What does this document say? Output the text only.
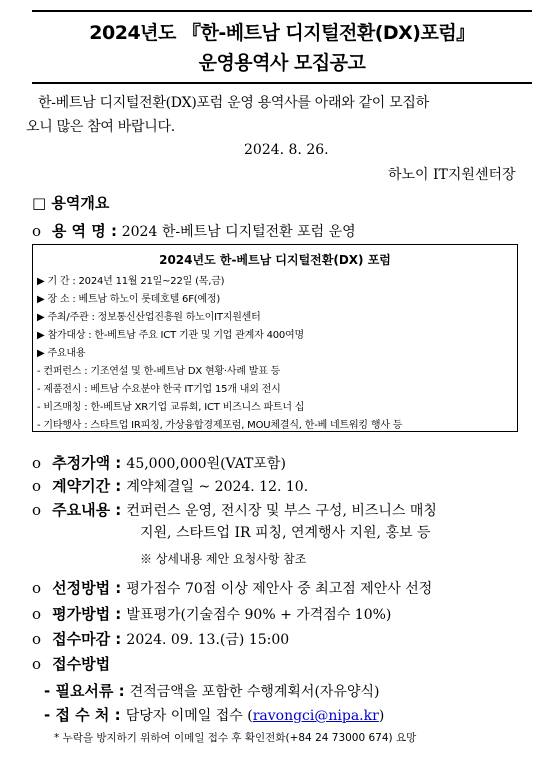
2024년도 『한-베트남 디지털전환(DX)포럼』
운영용역사 모집공고
한-베트남 디지털전환(DX)포럼 운영 용역사를 아래와 같이 모집하
오니 많은 참여 바랍니다.
2024. 8. 26.
하노이 IT지원센터장
□ 용역개요
ο 용 역 명 : 2024 한-베트남 디지털전환 포럼 운영
2024년도 한-베트남 디지털전환(DX) 포럼
▶ 기 간 : 2024년 11월 21일~22일 (목,금)
▶ 장 소 : 베트남 하노이 롯데호텔 6F(예정)
▶ 주최/주관 : 정보통신산업진흥원 하노이IT지원센터
▶ 참가대상 : 한-베트남 주요 ICT 기관 및 기업 관계자 400여명
▶ 주요내용
- 컨퍼런스 : 기조연설 및 한-베트남 DX 현황·사례 발표 등
- 제품전시 : 베트남 수요분야 한국 IT기업 15개 내외 전시
- 비즈매칭 : 한-베트남 XR기업 교류회, ICT 비즈니스 파트너 십
- 기타행사 : 스타트업 IR피칭, 가상융합경제포럼, MOU체결식, 한-베 네트워킹 행사 등
ο 추정가액 : 45,000,000원(VAT포함)
ο 계약기간 : 계약체결일 ~ 2024. 12. 10.
ο 주요내용 : 컨퍼런스 운영, 전시장 및 부스 구성, 비즈니스 매칭
지원, 스타트업 IR 피칭, 연계행사 지원, 홍보 등
※ 상세내용 제안 요청사항 참조
ο 선정방법 : 평가점수 70점 이상 제안사 중 최고점 제안사 선정
ο 평가방법 : 발표평가(기술점수 90% + 가격점수 10%)
ο 접수마감 : 2024. 09. 13.(금) 15:00
ο 접수방법
- 필요서류 : 견적금액을 포함한 수행계획서(자유양식)
- 접 수 처 : 담당자 이메일 접수 (ravongci@nipa.kr)
* 누락을 방지하기 위하여 이메일 접수 후 확인전화(+84 24 73000 674) 요망
